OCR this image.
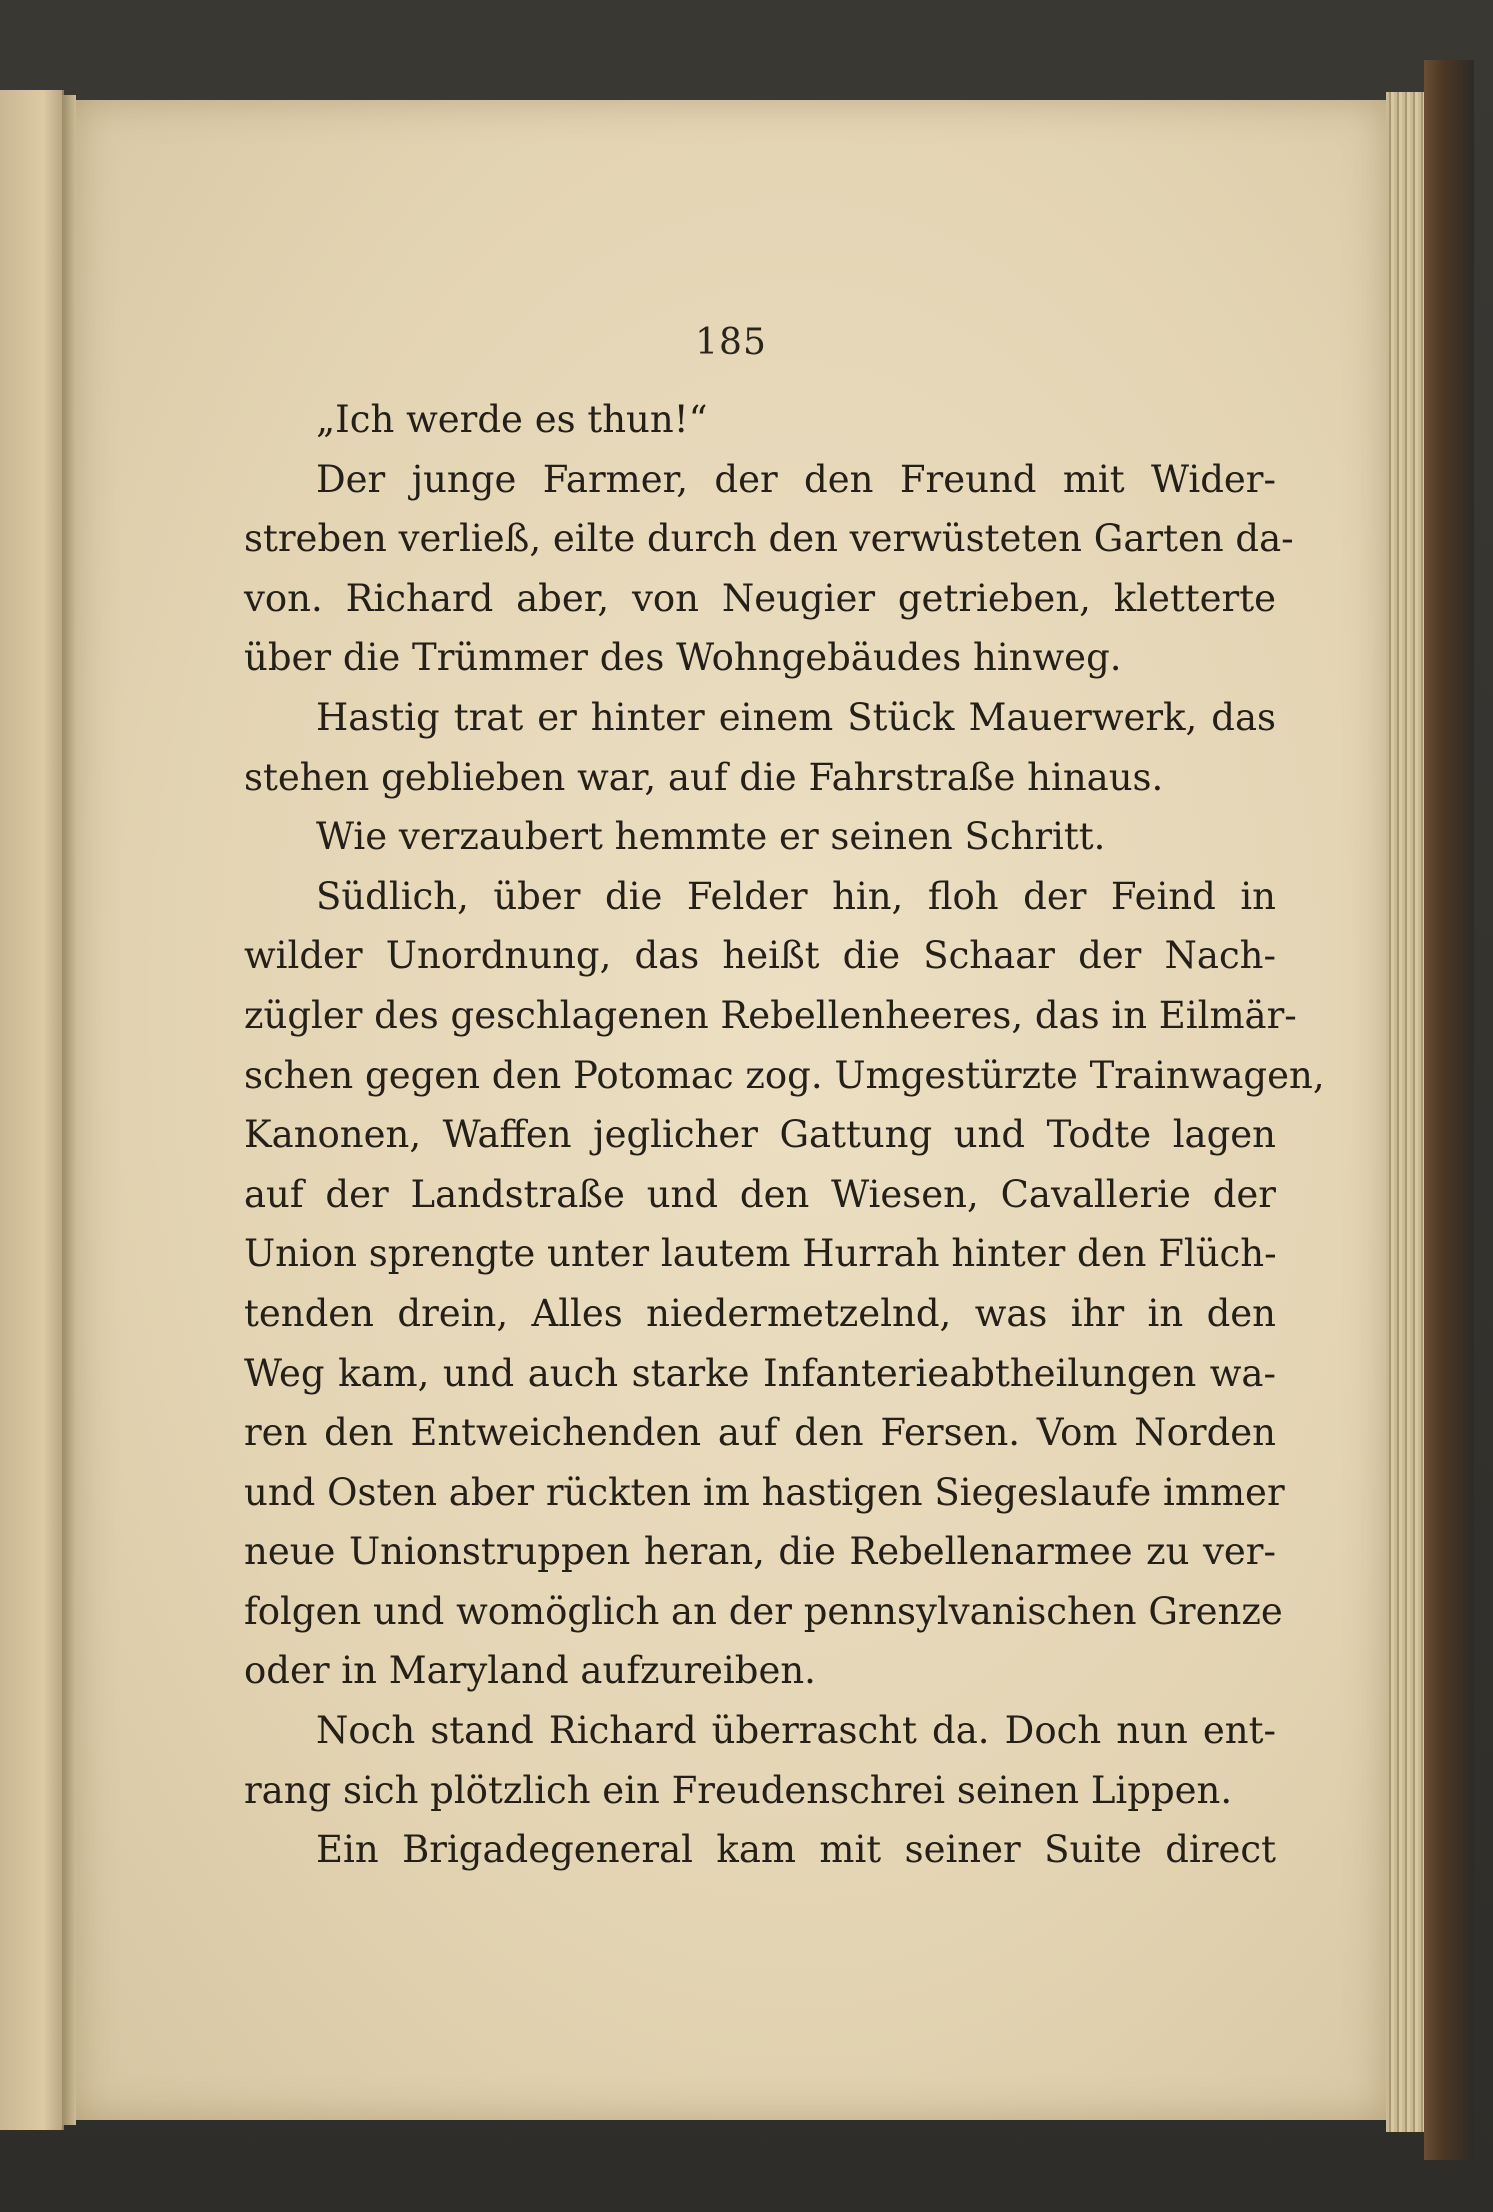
185
„Ich werde es thun!“
Der junge Farmer, der den Freund mit Wider-
streben verließ, eilte durch den verwüsteten Garten da-
von. Richard aber, von Neugier getrieben, kletterte
über die Trümmer des Wohngebäudes hinweg.
Hastig trat er hinter einem Stück Mauerwerk, das
stehen geblieben war, auf die Fahrstraße hinaus.
Wie verzaubert hemmte er seinen Schritt.
Südlich, über die Felder hin, floh der Feind in
wilder Unordnung, das heißt die Schaar der Nach-
zügler des geschlagenen Rebellenheeres, das in Eilmär-
schen gegen den Potomac zog. Umgestürzte Trainwagen,
Kanonen, Waffen jeglicher Gattung und Todte lagen
auf der Landstraße und den Wiesen, Cavallerie der
Union sprengte unter lautem Hurrah hinter den Flüch-
tenden drein, Alles niedermetzelnd, was ihr in den
Weg kam, und auch starke Infanterieabtheilungen wa-
ren den Entweichenden auf den Fersen. Vom Norden
und Osten aber rückten im hastigen Siegeslaufe immer
neue Unionstruppen heran, die Rebellenarmee zu ver-
folgen und womöglich an der pennsylvanischen Grenze
oder in Maryland aufzureiben.
Noch stand Richard überrascht da. Doch nun ent-
rang sich plötzlich ein Freudenschrei seinen Lippen.
Ein Brigadegeneral kam mit seiner Suite direct
